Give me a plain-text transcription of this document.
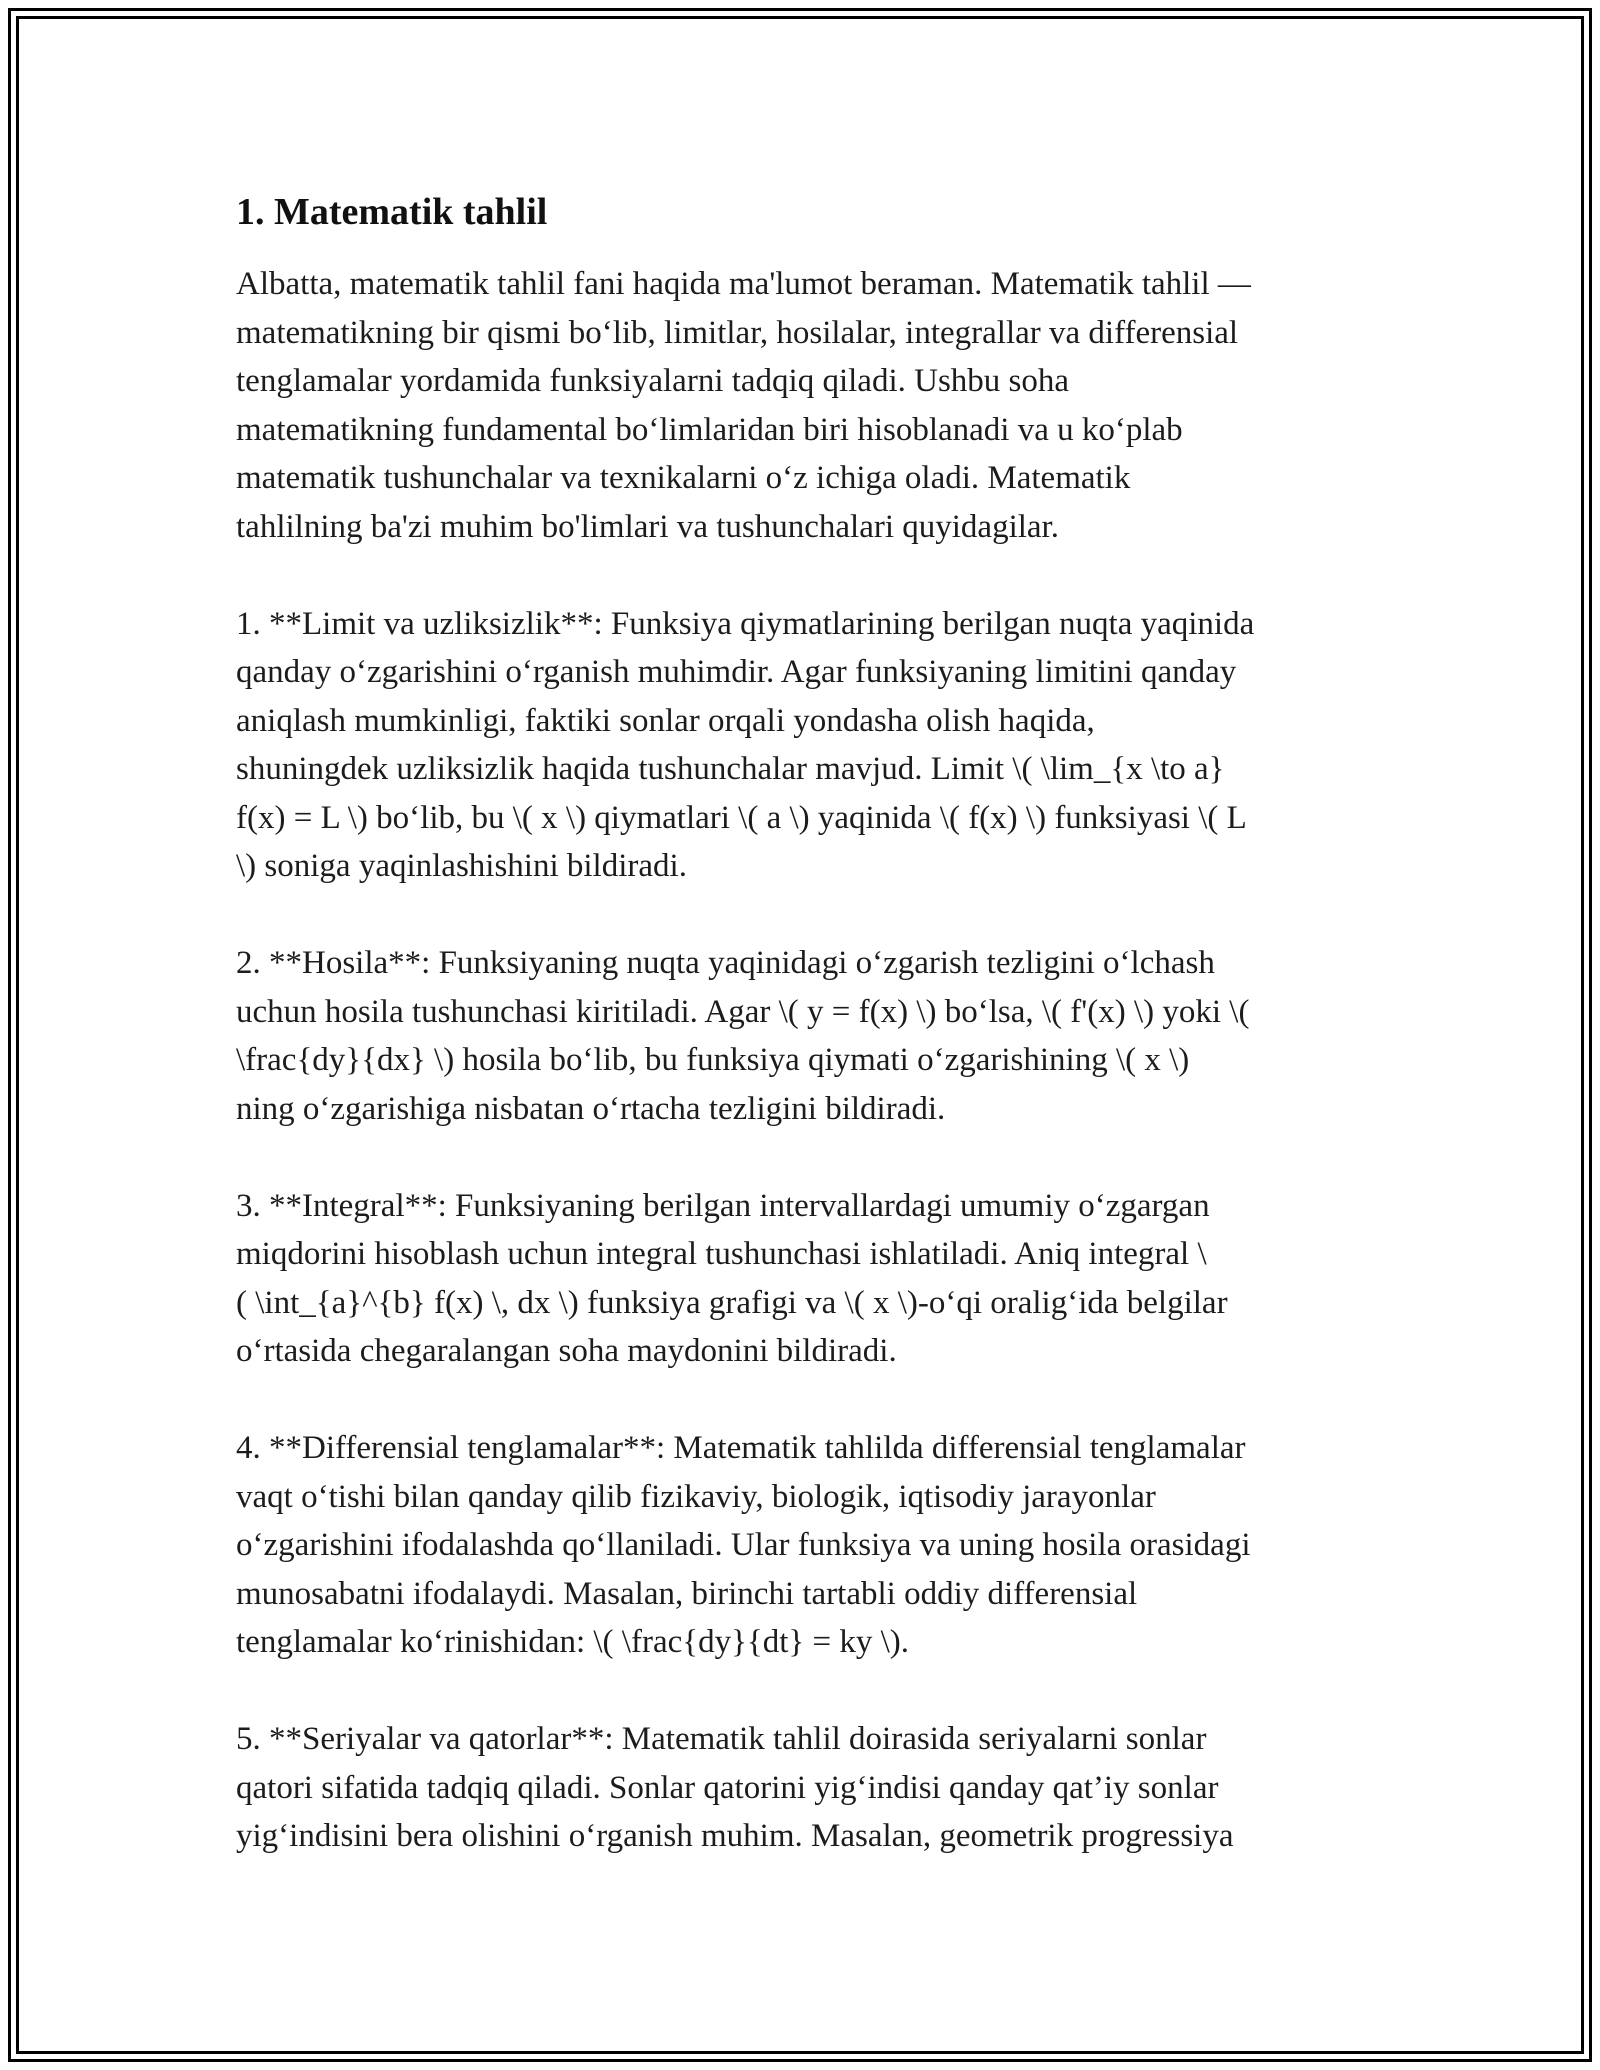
1. Matematik tahlil
Albatta, matematik tahlil fani haqida ma'lumot beraman. Matematik tahlil —
matematikning bir qismi bo‘lib, limitlar, hosilalar, integrallar va differensial
tenglamalar yordamida funksiyalarni tadqiq qiladi. Ushbu soha
matematikning fundamental bo‘limlaridan biri hisoblanadi va u ko‘plab
matematik tushunchalar va texnikalarni o‘z ichiga oladi. Matematik
tahlilning ba'zi muhim bo'limlari va tushunchalari quyidagilar.
1. **Limit va uzliksizlik**: Funksiya qiymatlarining berilgan nuqta yaqinida
qanday o‘zgarishini o‘rganish muhimdir. Agar funksiyaning limitini qanday
aniqlash mumkinligi, faktiki sonlar orqali yondasha olish haqida,
shuningdek uzliksizlik haqida tushunchalar mavjud. Limit \( \lim_{x \to a}
f(x) = L \) bo‘lib, bu \( x \) qiymatlari \( a \) yaqinida \( f(x) \) funksiyasi \( L
\) soniga yaqinlashishini bildiradi.
2. **Hosila**: Funksiyaning nuqta yaqinidagi o‘zgarish tezligini o‘lchash
uchun hosila tushunchasi kiritiladi. Agar \( y = f(x) \) bo‘lsa, \( f'(x) \) yoki \(
\frac{dy}{dx} \) hosila bo‘lib, bu funksiya qiymati o‘zgarishining \( x \)
ning o‘zgarishiga nisbatan o‘rtacha tezligini bildiradi.
3. **Integral**: Funksiyaning berilgan intervallardagi umumiy o‘zgargan
miqdorini hisoblash uchun integral tushunchasi ishlatiladi. Aniq integral \
( \int_{a}^{b} f(x) \, dx \) funksiya grafigi va \( x \)-o‘qi oralig‘ida belgilar
o‘rtasida chegaralangan soha maydonini bildiradi.
4. **Differensial tenglamalar**: Matematik tahlilda differensial tenglamalar
vaqt o‘tishi bilan qanday qilib fizikaviy, biologik, iqtisodiy jarayonlar
o‘zgarishini ifodalashda qo‘llaniladi. Ular funksiya va uning hosila orasidagi
munosabatni ifodalaydi. Masalan, birinchi tartabli oddiy differensial
tenglamalar ko‘rinishidan: \( \frac{dy}{dt} = ky \).
5. **Seriyalar va qatorlar**: Matematik tahlil doirasida seriyalarni sonlar
qatori sifatida tadqiq qiladi. Sonlar qatorini yig‘indisi qanday qat’iy sonlar
yig‘indisini bera olishini o‘rganish muhim. Masalan, geometrik progressiya
